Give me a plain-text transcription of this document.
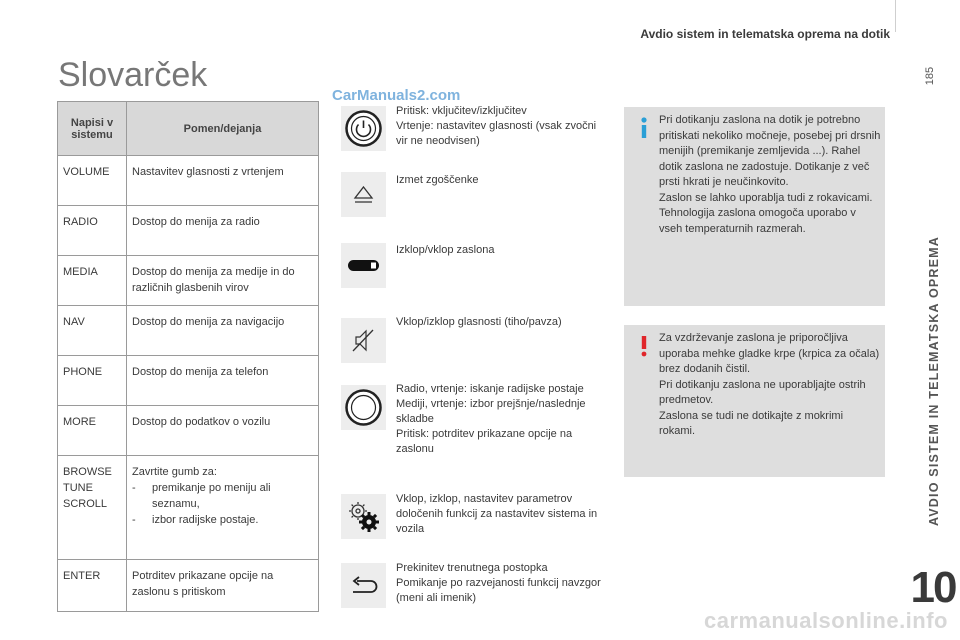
Avdio sistem in telematska oprema na dotik
185
AVDIO SISTEM IN TELEMATSKA OPREMA
10
Slovarček
CarManuals2.com
carmanualsonline.info
Napisi v sistemu	Pomen/dejanja
VOLUME	Nastavitev glasnosti z vrtenjem
RADIO	Dostop do menija za radio
MEDIA	Dostop do menija za medije in do različnih glasbenih virov
NAV	Dostop do menija za navigacijo
PHONE	Dostop do menija za telefon
MORE	Dostop do podatkov o vozilu
BROWSE TUNE SCROLL	Zavrtite gumb za:
- premikanje po meniju ali seznamu,
- izbor radijske postaje.

ENTER	Potrditev prikazane opcije na zaslonu s pritiskom
Pritisk: vključitev/izključitev
Vrtenje: nastavitev glasnosti (vsak zvočni vir ne neodvisen)
Izmet zgoščenke
Izklop/vklop zaslona
Vklop/izklop glasnosti (tiho/pavza)
Radio, vrtenje: iskanje radijske postaje
Mediji, vrtenje: izbor prejšnje/naslednje skladbe
Pritisk: potrditev prikazane opcije na zaslonu
Vklop, izklop, nastavitev parametrov določenih funkcij za nastavitev sistema in vozila
Prekinitev trenutnega postopka
Pomikanje po razvejanosti funkcij navzgor (meni ali imenik)
Pri dotikanju zaslona na dotik je potrebno pritiskati nekoliko močneje, posebej pri drsnih menijih (premikanje zemljevida ...). Rahel dotik zaslona ne zadostuje. Dotikanje z več prsti hkrati je neučinkovito.
Zaslon se lahko uporablja tudi z rokavicami. Tehnologija zaslona omogoča uporabo v vseh temperaturnih razmerah.
Za vzdrževanje zaslona je priporočljiva uporaba mehke gladke krpe (krpica za očala) brez dodanih čistil.
Pri dotikanju zaslona ne uporabljajte ostrih predmetov.
Zaslona se tudi ne dotikajte z mokrimi rokami.
